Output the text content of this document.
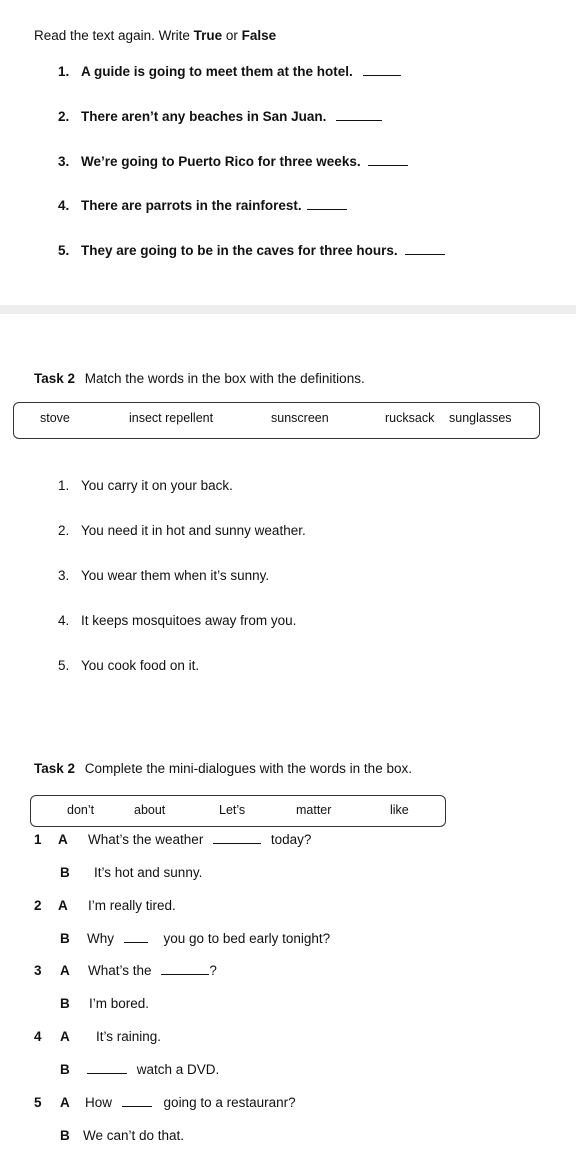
Read the text again. Write True or False
1. A guide is going to meet them at the hotel.
2. There aren’t any beaches in San Juan.
3. We’re going to Puerto Rico for three weeks.
4. There are parrots in the rainforest.
5. They are going to be in the caves for three hours.
Task 2 Match the words in the box with the definitions.
stove	insect repellent	sunscreen	rucksack sunglasses
1. You carry it on your back.
2. You need it in hot and sunny weather.
3. You wear them when it’s sunny.
4. It keeps mosquitoes away from you.
5. You cook food on it.
Task 2 Complete the mini-dialogues with the words in the box.
don’t	about	Let’s	matter	like
1 A What’s the weather	today?
B It’s hot and sunny.
2 A I’m really tired.
B Why	you go to bed early tonight?
3 A What’s the	?
B I’m bored.
4 A It’s raining.
B	watch a DVD.
5 A How	going to a restauranr?
B We can’t do that.
